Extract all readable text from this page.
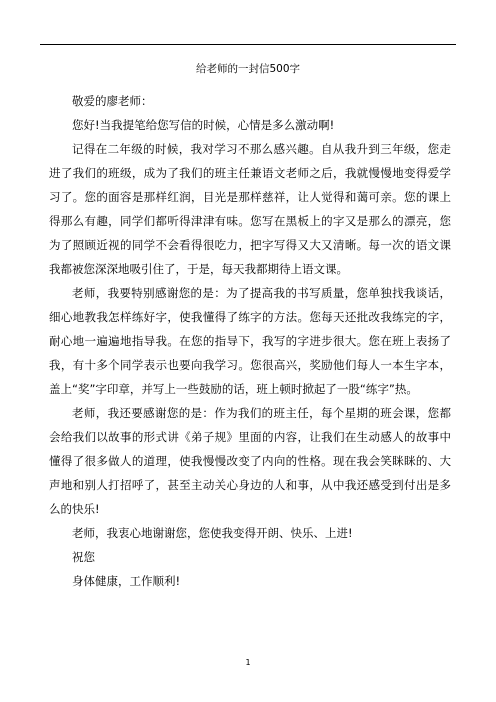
给老师的一封信500字

敬爱的廖老师：

您好!当我提笔给您写信的时候，心情是多么激动啊!

记得在二年级的时候，我对学习不那么感兴趣。自从我升到三年级，您走进了我们的班级，成为了我们的班主任兼语文老师之后，我就慢慢地变得爱学习了。您的面容是那样红润，目光是那样慈祥，让人觉得和蔼可亲。您的课上得那么有趣，同学们都听得津津有味。您写在黑板上的字又是那么的漂亮，您为了照顾近视的同学不会看得很吃力，把字写得又大又清晰。每一次的语文课我都被您深深地吸引住了，于是，每天我都期待上语文课。

老师，我要特别感谢您的是：为了提高我的书写质量，您单独找我谈话，细心地教我怎样练好字，使我懂得了练字的方法。您每天还批改我练完的字，耐心地一遍遍地指导我。在您的指导下，我写的字进步很大。您在班上表扬了我，有十多个同学表示也要向我学习。您很高兴，奖励他们每人一本生字本，盖上“奖”字印章，并写上一些鼓励的话，班上顿时掀起了一股“练字”热。

老师，我还要感谢您的是：作为我们的班主任，每个星期的班会课，您都会给我们以故事的形式讲《弟子规》里面的内容，让我们在生动感人的故事中懂得了很多做人的道理，使我慢慢改变了内向的性格。现在我会笑眯眯的、大声地和别人打招呼了，甚至主动关心身边的人和事，从中我还感受到付出是多么的快乐!

老师，我衷心地谢谢您，您使我变得开朗、快乐、上进!

祝您

身体健康，工作顺利!

1
